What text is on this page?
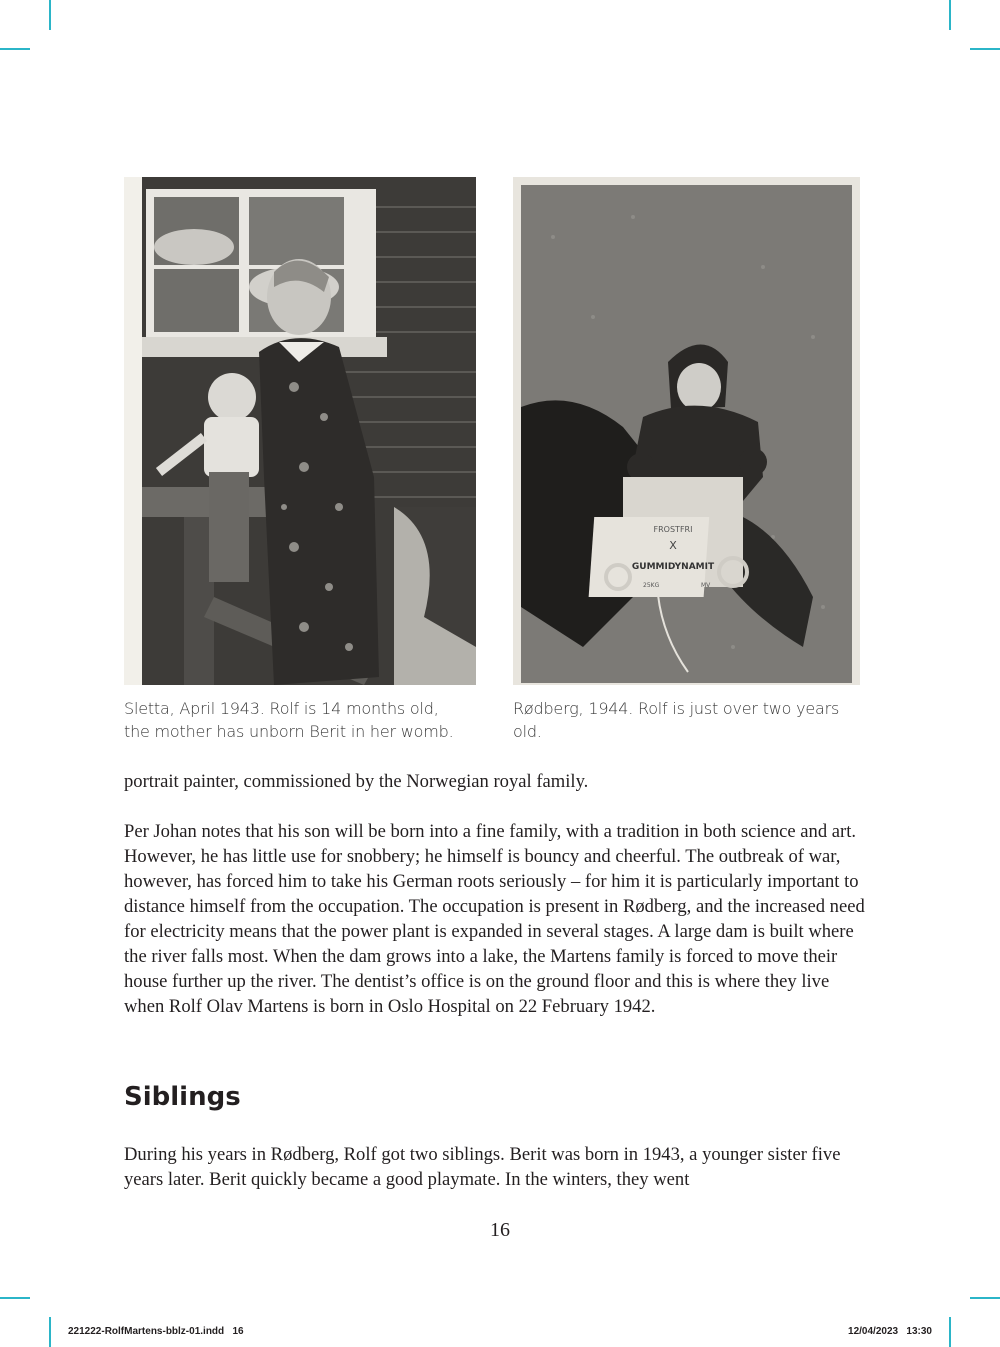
Sletta, April 1943. Rolf is 14 months old, the mother has unborn Berit in her womb.
FROSTFRI
X
GUMMIDYNAMIT
25KG	MV
Rødberg, 1944. Rolf is just over two years old.

portrait painter, commissioned by the Norwegian royal family.

Per Johan notes that his son will be born into a fine family, with a tradition in both science and art. However, he has little use for snobbery; he himself is bouncy and cheerful. The outbreak of war, however, has forced him to take his German roots seriously – for him it is particularly important to distance himself from the occupation. The occupation is present in Rødberg, and the increased need for electricity means that the power plant is expanded in several stages. A large dam is built where the river falls most. When the dam grows into a lake, the Martens family is forced to move their house further up the river. The dentist’s office is on the ground floor and this is where they live when Rolf Olav Martens is born in Oslo Hospital on 22 February 1942.

Siblings

During his years in Rødberg, Rolf got two siblings. Berit was born in 1943, a younger sister five years later. Berit quickly became a good playmate. In the winters, they went

16
221222-RolfMartens-bblz-01.indd   16	12/04/2023   13:30
